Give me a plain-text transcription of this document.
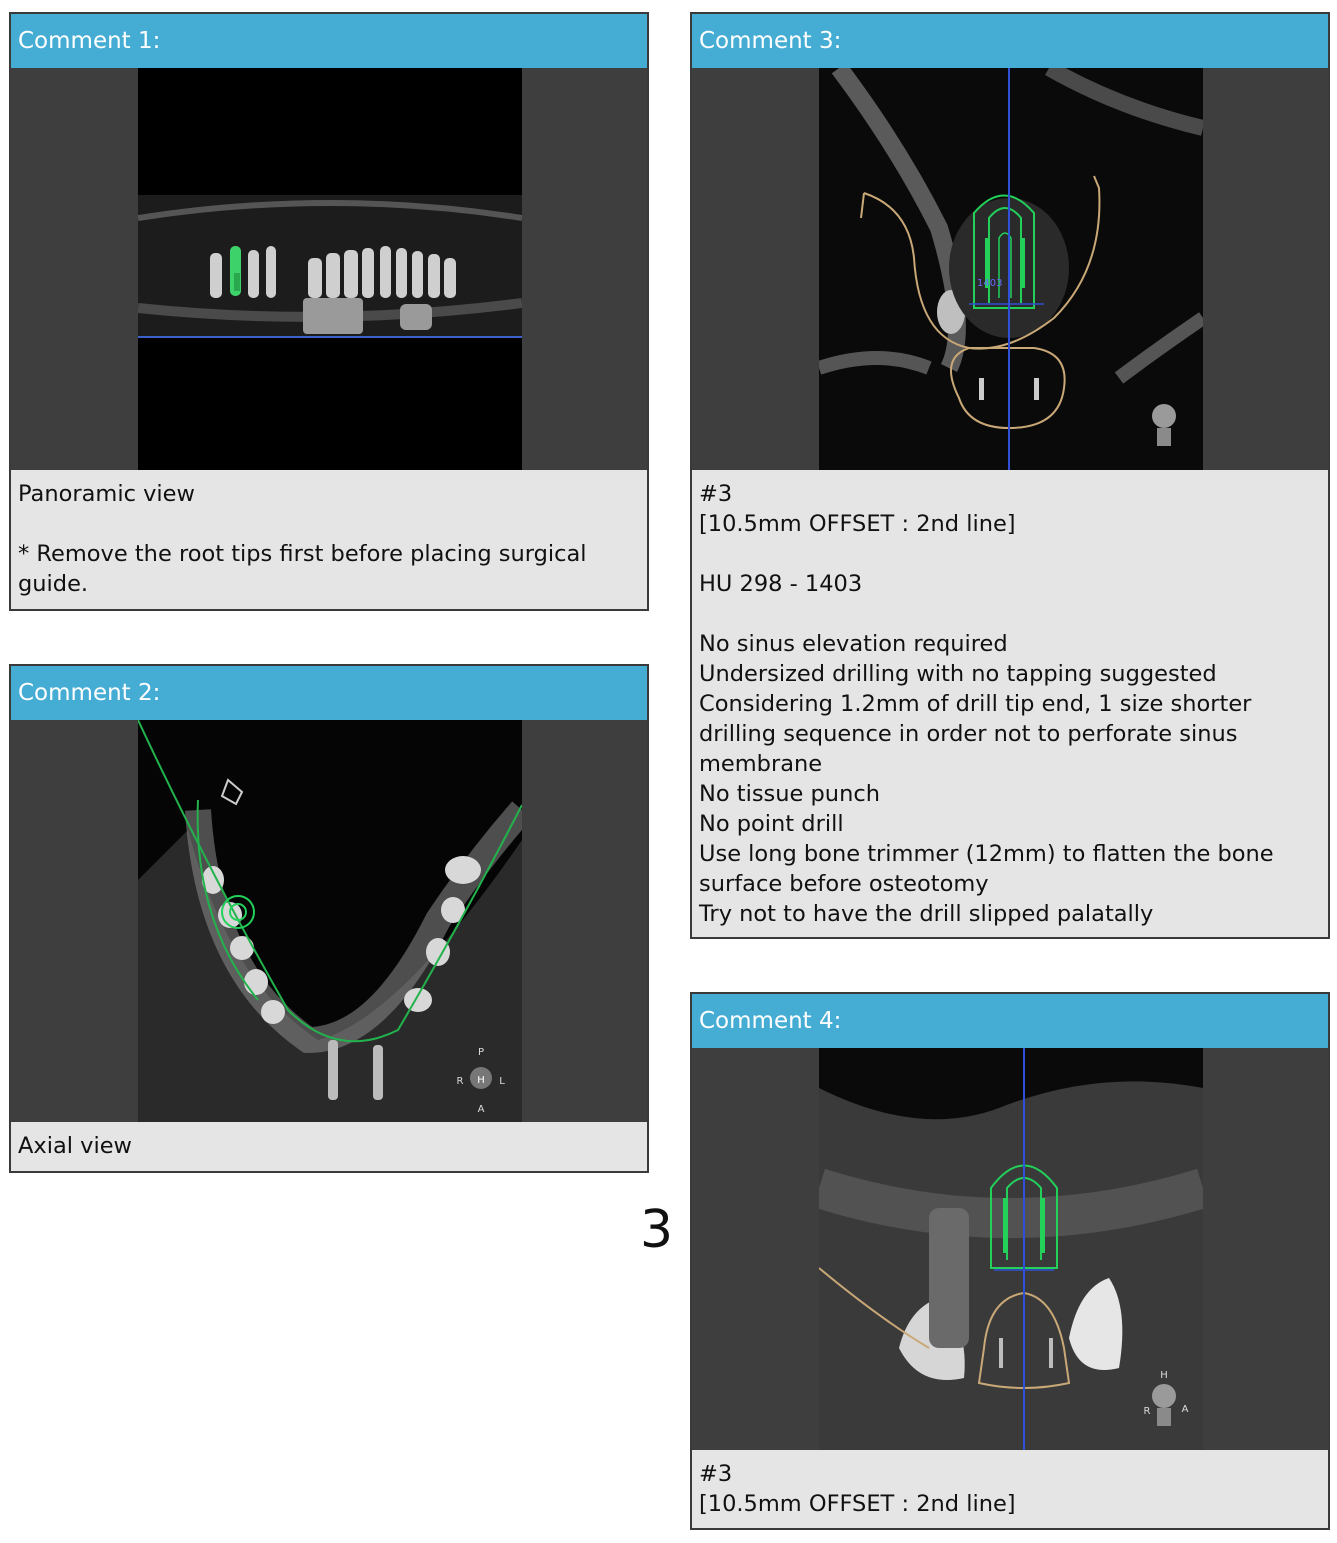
Comment 1:
Panoramic view
* Remove the root tips first before placing surgical guide.
Comment 2:
P
R H L
A
Axial view
Comment 3:
1403
#3
[10.5mm OFFSET : 2nd line]
HU 298 - 1403
No sinus elevation required
Undersized drilling with no tapping suggested
Considering 1.2mm of drill tip end, 1 size shorter drilling sequence in order not to perforate sinus membrane
No tissue punch
No point drill
Use long bone trimmer (12mm) to flatten the bone surface before osteotomy
Try not to have the drill slipped palatally
Comment 4:
H
R	A
#3
[10.5mm OFFSET : 2nd line]
3
